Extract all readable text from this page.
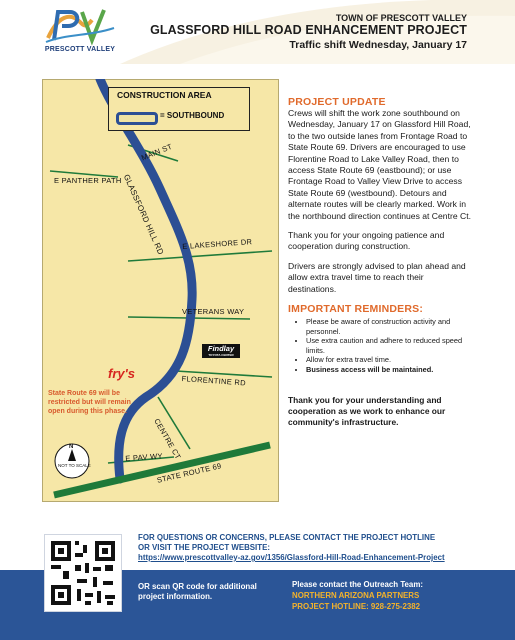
PRESCOTT VALLEY
TOWN OF PRESCOTT VALLEY
GLASSFORD HILL ROAD ENHANCEMENT PROJECT
Traffic shift Wednesday, January 17
CONSTRUCTION AREA
= SOUTHBOUND
MAIN ST
E PANTHER PATH GLASSFORD HILL RD E LAKESHORE DR
VETERANS WAY
FLORENTINE RD
CENTRE CT
E PAV WY
STATE ROUTE 69
State Route 69 will be restricted but will remain open during this phase.
fry's
Findlay
TOYOTA CENTER
N
NOT TO SCALE
PROJECT UPDATE

Crews will shift the work zone southbound on Wednesday, January 17 on Glassford Hill Road, to the two outside lanes from Frontage Road to State Route 69. Drivers are encouraged to use Florentine Road to Lake Valley Road, then to access State Route 69 (eastbound); or use Frontage Road to Valley View Drive to access State Route 69 (westbound). Detours and alternate routes will be clearly marked. Work in the northbound direction continues at Centre Ct.

Thank you for your ongoing patience and cooperation during construction.

Drivers are strongly advised to plan ahead and allow extra travel time to reach their destinations.

IMPORTANT REMINDERS:
• Please be aware of construction activity and personnel.
• Use extra caution and adhere to reduced speed limits.
• Allow for extra travel time.
• Business access will be maintained.
Thank you for your understanding and cooperation as we work to enhance our community's infrastructure.
FOR QUESTIONS OR CONCERNS, PLEASE CONTACT THE PROJECT HOTLINE
OR VISIT THE PROJECT WEBSITE:
https://www.prescottvalley-az.gov/1356/Glassford-Hill-Road-Enhancement-Project
OR scan QR code for additional project information.
Please contact the Outreach Team:
NORTHERN ARIZONA PARTNERS
PROJECT HOTLINE: 928-275-2382
